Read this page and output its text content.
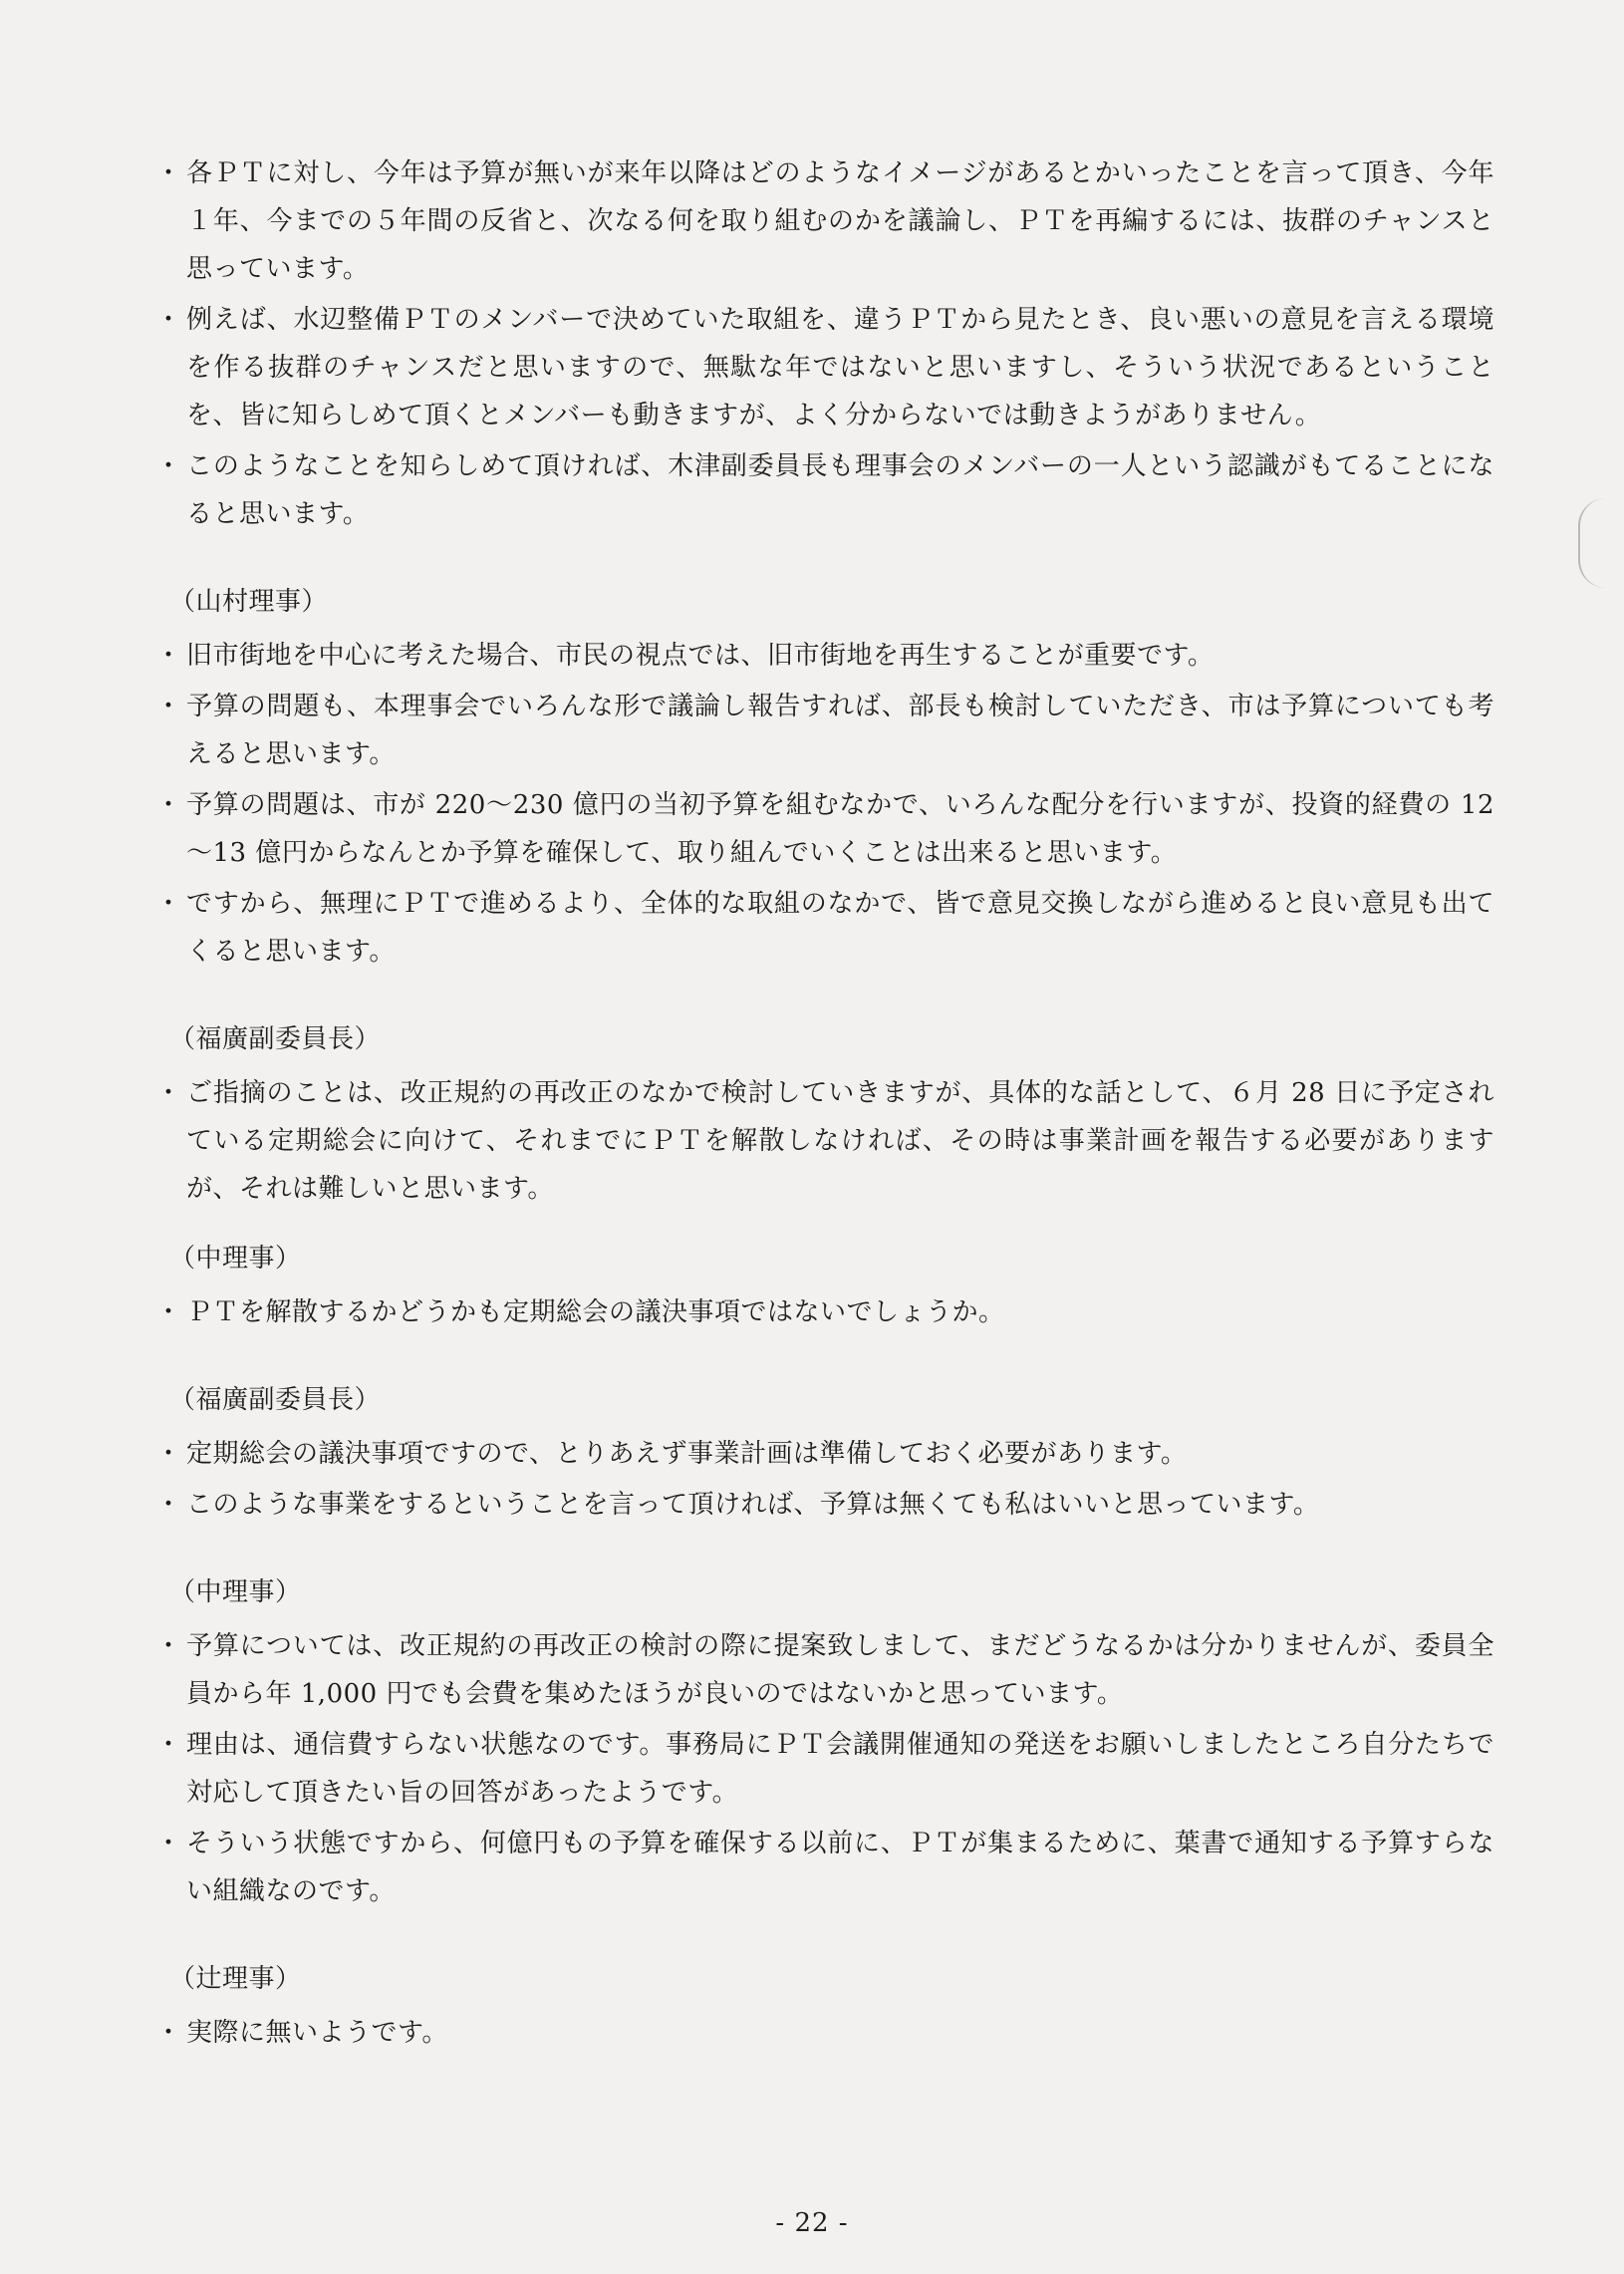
・ 各ＰＴに対し、今年は予算が無いが来年以降はどのようなイメージがあるとかいったことを言って頂き、今年１年、今までの５年間の反省と、次なる何を取り組むのかを議論し、ＰＴを再編するには、抜群のチャンスと思っています。

・ 例えば、水辺整備ＰＴのメンバーで決めていた取組を、違うＰＴから見たとき、良い悪いの意見を言える環境を作る抜群のチャンスだと思いますので、無駄な年ではないと思いますし、そういう状況であるということを、皆に知らしめて頂くとメンバーも動きますが、よく分からないでは動きようがありません。

・ このようなことを知らしめて頂ければ、木津副委員長も理事会のメンバーの一人という認識がもてることになると思います。

（山村理事）

・ 旧市街地を中心に考えた場合、市民の視点では、旧市街地を再生することが重要です。

・ 予算の問題も、本理事会でいろんな形で議論し報告すれば、部長も検討していただき、市は予算についても考えると思います。

・ 予算の問題は、市が 220～230 億円の当初予算を組むなかで、いろんな配分を行いますが、投資的経費の 12～13 億円からなんとか予算を確保して、取り組んでいくことは出来ると思います。

・ ですから、無理にＰＴで進めるより、全体的な取組のなかで、皆で意見交換しながら進めると良い意見も出てくると思います。

（福廣副委員長）

・ ご指摘のことは、改正規約の再改正のなかで検討していきますが、具体的な話として、６月 28 日に予定されている定期総会に向けて、それまでにＰＴを解散しなければ、その時は事業計画を報告する必要がありますが、それは難しいと思います。

（中理事）

・ ＰＴを解散するかどうかも定期総会の議決事項ではないでしょうか。

（福廣副委員長）

・ 定期総会の議決事項ですので、とりあえず事業計画は準備しておく必要があります。

・ このような事業をするということを言って頂ければ、予算は無くても私はいいと思っています。

（中理事）

・ 予算については、改正規約の再改正の検討の際に提案致しまして、まだどうなるかは分かりませんが、委員全員から年 1,000 円でも会費を集めたほうが良いのではないかと思っています。

・ 理由は、通信費すらない状態なのです。事務局にＰＴ会議開催通知の発送をお願いしましたところ自分たちで対応して頂きたい旨の回答があったようです。

・ そういう状態ですから、何億円もの予算を確保する以前に、ＰＴが集まるために、葉書で通知する予算すらない組織なのです。

（辻理事）

・ 実際に無いようです。

- 22 -
